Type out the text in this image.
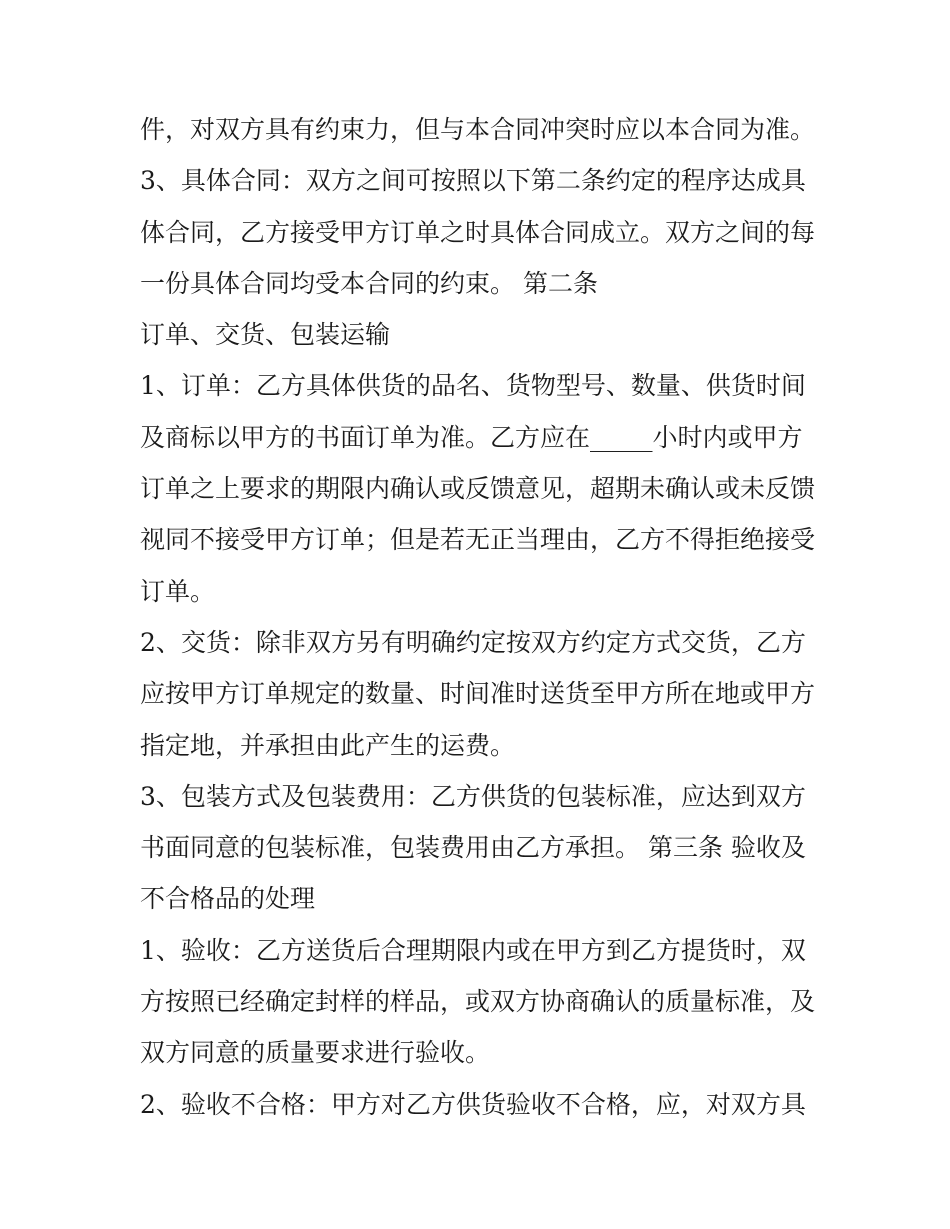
件，对双方具有约束力，但与本合同冲突时应以本合同为准。
3、具体合同：双方之间可按照以下第二条约定的程序达成具
体合同，乙方接受甲方订单之时具体合同成立。双方之间的每
一份具体合同均受本合同的约束。 第二条
订单、交货、包装运输
1、订单：乙方具体供货的品名、货物型号、数量、供货时间
及商标以甲方的书面订单为准。乙方应在_____小时内或甲方
订单之上要求的期限内确认或反馈意见，超期未确认或未反馈
视同不接受甲方订单；但是若无正当理由，乙方不得拒绝接受
订单。
2、交货：除非双方另有明确约定按双方约定方式交货，乙方
应按甲方订单规定的数量、时间准时送货至甲方所在地或甲方
指定地，并承担由此产生的运费。
3、包装方式及包装费用：乙方供货的包装标准，应达到双方
书面同意的包装标准，包装费用由乙方承担。 第三条 验收及
不合格品的处理
1、验收：乙方送货后合理期限内或在甲方到乙方提货时，双
方按照已经确定封样的样品，或双方协商确认的质量标准，及
双方同意的质量要求进行验收。
2、验收不合格：甲方对乙方供货验收不合格，应，对双方具
